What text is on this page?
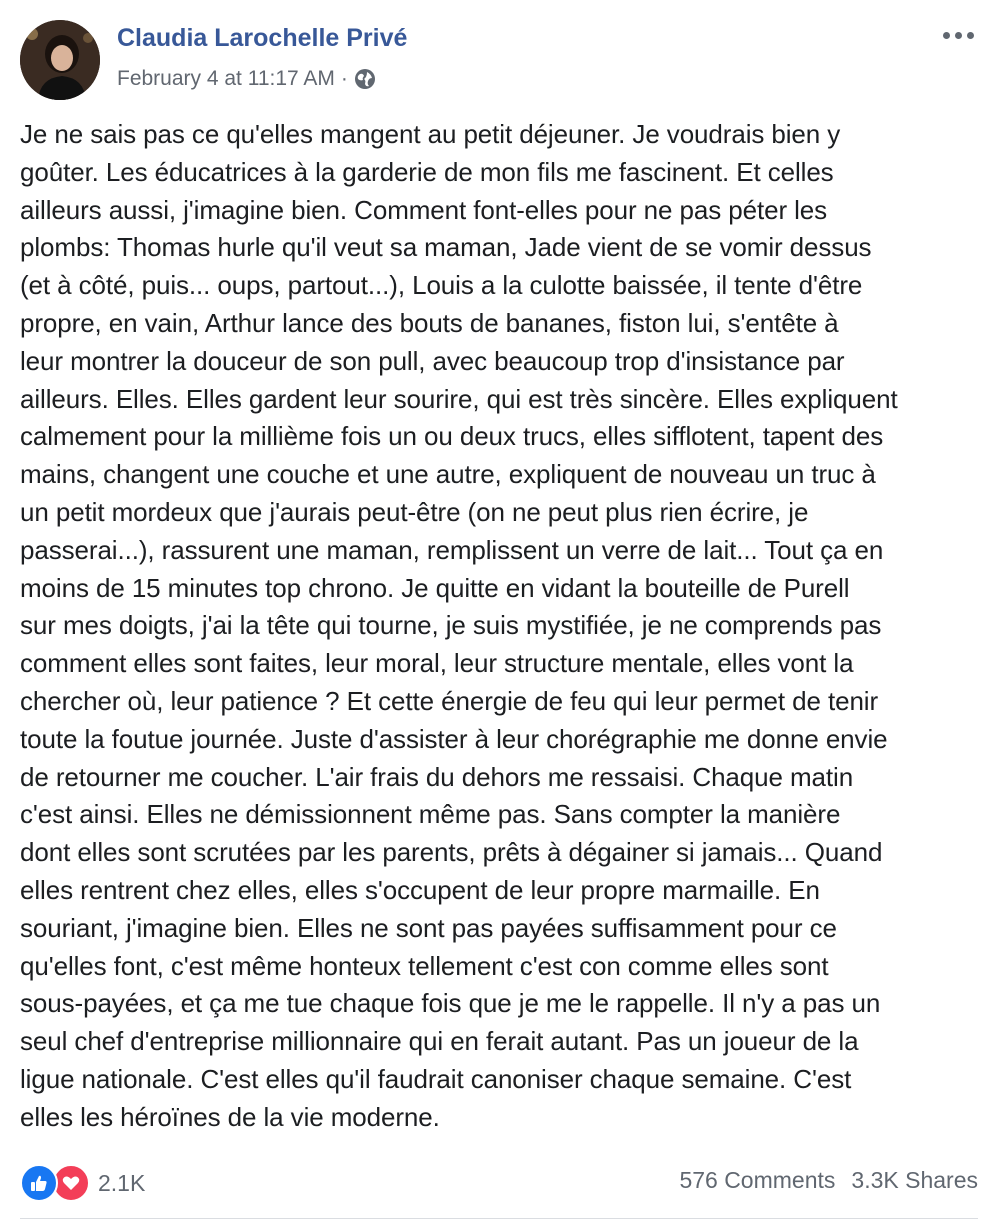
Claudia Larochelle Privé
February 4 at 11:17 AM ·
Je ne sais pas ce qu'elles mangent au petit déjeuner. Je voudrais bien y
goûter. Les éducatrices à la garderie de mon fils me fascinent. Et celles
ailleurs aussi, j'imagine bien. Comment font-elles pour ne pas péter les
plombs: Thomas hurle qu'il veut sa maman, Jade vient de se vomir dessus
(et à côté, puis... oups, partout...), Louis a la culotte baissée, il tente d'être
propre, en vain, Arthur lance des bouts de bananes, fiston lui, s'entête à
leur montrer la douceur de son pull, avec beaucoup trop d'insistance par
ailleurs. Elles. Elles gardent leur sourire, qui est très sincère. Elles expliquent
calmement pour la millième fois un ou deux trucs, elles sifflotent, tapent des
mains, changent une couche et une autre, expliquent de nouveau un truc à
un petit mordeux que j'aurais peut-être (on ne peut plus rien écrire, je
passerai...), rassurent une maman, remplissent un verre de lait... Tout ça en
moins de 15 minutes top chrono. Je quitte en vidant la bouteille de Purell
sur mes doigts, j'ai la tête qui tourne, je suis mystifiée, je ne comprends pas
comment elles sont faites, leur moral, leur structure mentale, elles vont la
chercher où, leur patience ? Et cette énergie de feu qui leur permet de tenir
toute la foutue journée. Juste d'assister à leur chorégraphie me donne envie
de retourner me coucher. L'air frais du dehors me ressaisi. Chaque matin
c'est ainsi. Elles ne démissionnent même pas. Sans compter la manière
dont elles sont scrutées par les parents, prêts à dégainer si jamais... Quand
elles rentrent chez elles, elles s'occupent de leur propre marmaille. En
souriant, j'imagine bien. Elles ne sont pas payées suffisamment pour ce
qu'elles font, c'est même honteux tellement c'est con comme elles sont
sous-payées, et ça me tue chaque fois que je me le rappelle. Il n'y a pas un
seul chef d'entreprise millionnaire qui en ferait autant. Pas un joueur de la
ligue nationale. C'est elles qu'il faudrait canoniser chaque semaine. C'est
elles les héroïnes de la vie moderne.
2.1K	576 Comments 3.3K Shares
